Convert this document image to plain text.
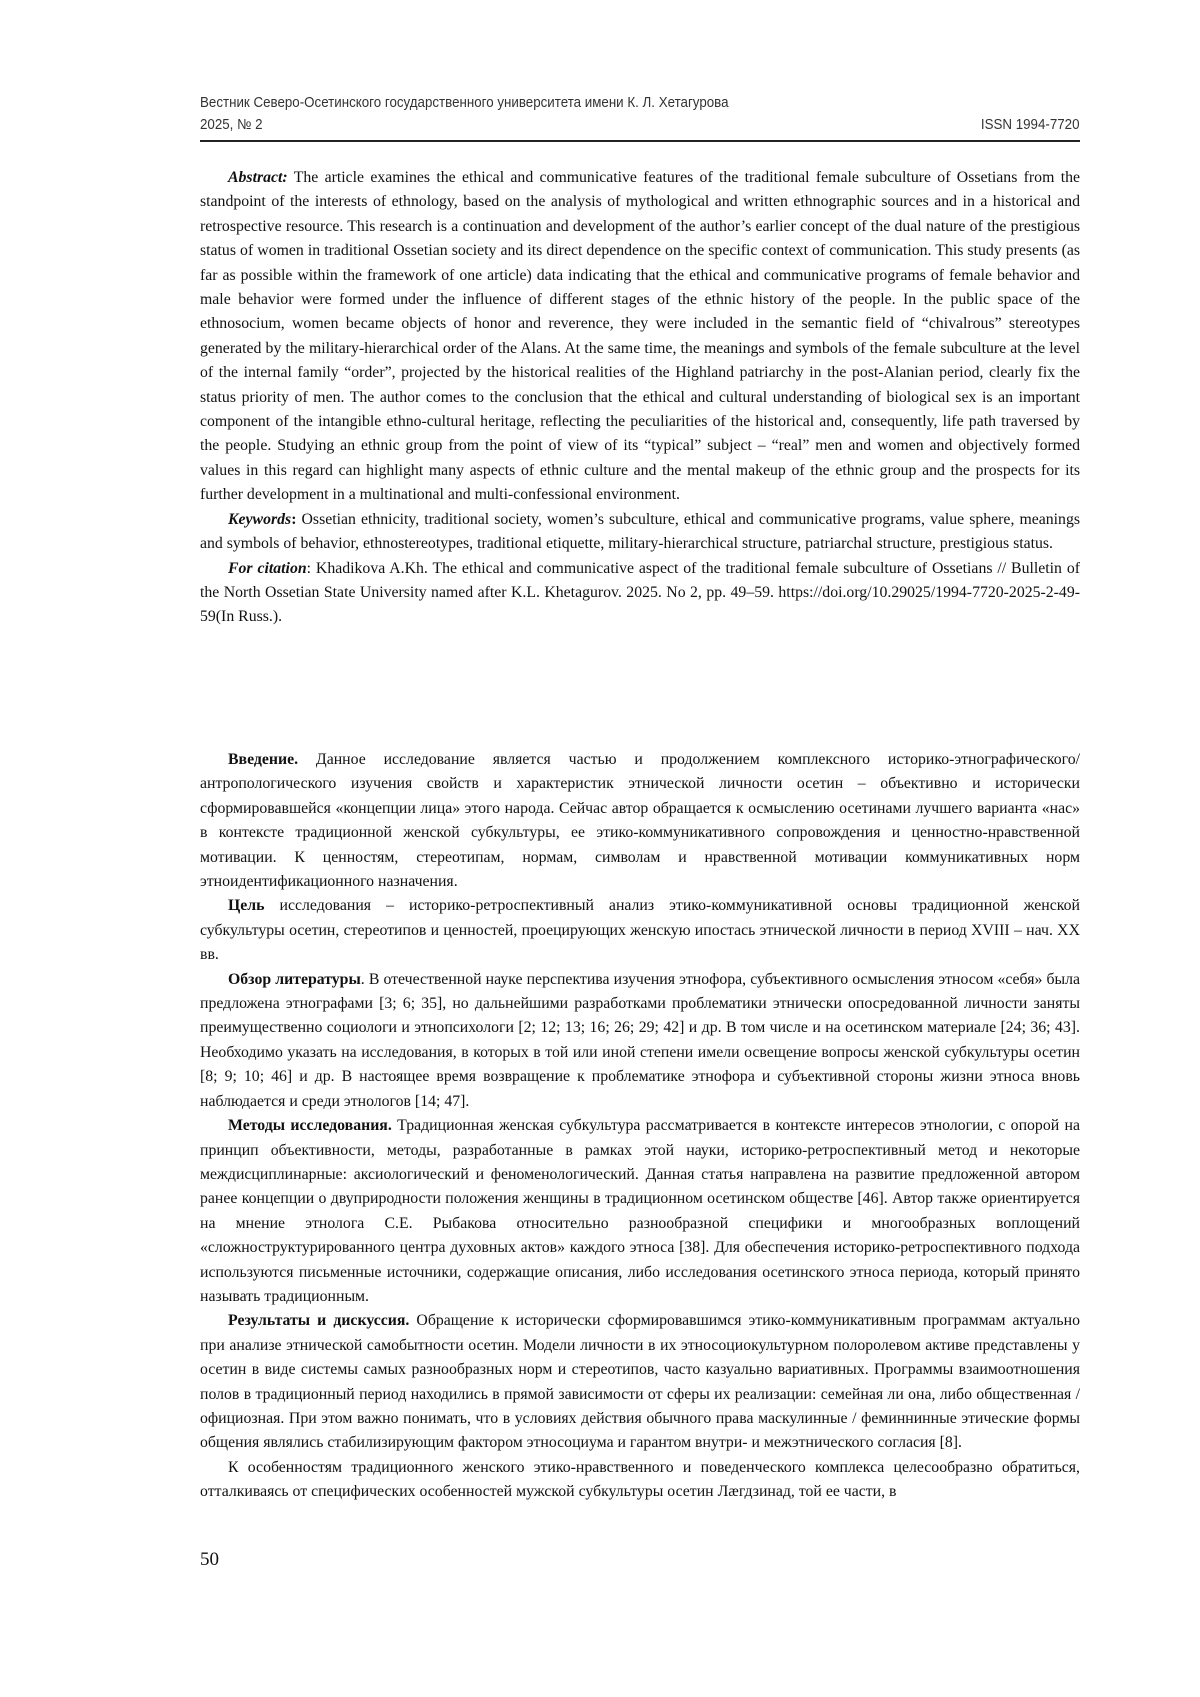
Вестник Северо-Осетинского государственного университета имени К. Л. Хетагурова
2025, № 2	ISSN 1994-7720

Abstract: The article examines the ethical and communicative features of the traditional female subculture of Ossetians from the standpoint of the interests of ethnology, based on the analysis of mythological and written ethnographic sources and in a historical and retrospective resource. This research is a continuation and development of the author’s earlier concept of the dual nature of the prestigious status of women in traditional Ossetian society and its direct dependence on the specific context of communication. This study presents (as far as possible within the framework of one article) data indicating that the ethical and communicative programs of female behavior and male behavior were formed under the influence of different stages of the ethnic history of the people. In the public space of the ethnosocium, women became objects of honor and reverence, they were included in the semantic field of “chivalrous” stereotypes generated by the military-hierarchical order of the Alans. At the same time, the meanings and symbols of the female subculture at the level of the internal family “order”, projected by the historical realities of the Highland patriarchy in the post-Alanian period, clearly fix the status priority of men. The author comes to the conclusion that the ethical and cultural understanding of biological sex is an important component of the intangible ethno-cultural heritage, reflecting the peculiarities of the historical and, consequently, life path traversed by the people. Studying an ethnic group from the point of view of its “typical” subject – “real” men and women and objectively formed values in this regard can highlight many aspects of ethnic culture and the mental makeup of the ethnic group and the prospects for its further development in a multinational and multi-confessional environment.

Keywords: Ossetian ethnicity, traditional society, women’s subculture, ethical and communicative programs, value sphere, meanings and symbols of behavior, ethnostereotypes, traditional etiquette, military-hierarchical structure, patriarchal structure, prestigious status.

For citation: Khadikova A.Kh. The ethical and communicative aspect of the traditional female subculture of Ossetians // Bulletin of the North Ossetian State University named after K.L. Khetagurov. 2025. No 2, pp. 49–59. https://doi.org/10.29025/1994-7720-2025-2-49-59(In Russ.).

Введение. Данное исследование является частью и продолжением комплексного историко-этнографического/антропологического изучения свойств и характеристик этнической личности осетин – объективно и исторически сформировавшейся «концепции лица» этого народа. Сейчас автор обращается к осмыслению осетинами лучшего варианта «нас» в контексте традиционной женской субкультуры, ее этико-коммуникативного сопровождения и ценностно-нравственной мотивации. К ценностям, стереотипам, нормам, символам и нравственной мотивации коммуникативных норм этноидентификационного назначения.

Цель исследования – историко-ретроспективный анализ этико-коммуникативной основы традиционной женской субкультуры осетин, стереотипов и ценностей, проецирующих женскую ипостась этнической личности в период XVIII – нач. XX вв.

Обзор литературы. В отечественной науке перспектива изучения этнофора, субъективного осмысления этносом «себя» была предложена этнографами [3; 6; 35], но дальнейшими разработками проблематики этнически опосредованной личности заняты преимущественно социологи и этнопсихологи [2; 12; 13; 16; 26; 29; 42] и др. В том числе и на осетинском материале [24; 36; 43]. Необходимо указать на исследования, в которых в той или иной степени имели освещение вопросы женской субкультуры осетин [8; 9; 10; 46] и др. В настоящее время возвращение к проблематике этнофора и субъективной стороны жизни этноса вновь наблюдается и среди этнологов [14; 47].

Методы исследования. Традиционная женская субкультура рассматривается в контексте интересов этнологии, с опорой на принцип объективности, методы, разработанные в рамках этой науки, историко-ретроспективный метод и некоторые междисциплинарные: аксиологический и феноменологический. Данная статья направлена на развитие предложенной автором ранее концепции о двуприродности положения женщины в традиционном осетинском обществе [46]. Автор также ориентируется на мнение этнолога С.Е. Рыбакова относительно разнообразной специфики и многообразных воплощений «сложноструктурированного центра духовных актов» каждого этноса [38]. Для обеспечения историко-ретроспективного подхода используются письменные источники, содержащие описания, либо исследования осетинского этноса периода, который принято называть традиционным.

Результаты и дискуссия. Обращение к исторически сформировавшимся этико-коммуникативным программам актуально при анализе этнической самобытности осетин. Модели личности в их этносоциокультурном полоролевом активе представлены у осетин в виде системы самых разнообразных норм и стереотипов, часто казуально вариативных. Программы взаимоотношения полов в традиционный период находились в прямой зависимости от сферы их реализации: семейная ли она, либо общественная / официозная. При этом важно понимать, что в условиях действия обычного права маскулинные / феминнинные этические формы общения являлись стабилизирующим фактором этносоциума и гарантом внутри- и межэтнического согласия [8].

К особенностям традиционного женского этико-нравственного и поведенческого комплекса целесообразно обратиться, отталкиваясь от специфических особенностей мужской субкультуры осетин Лæгдзинад, той ее части, в

50
